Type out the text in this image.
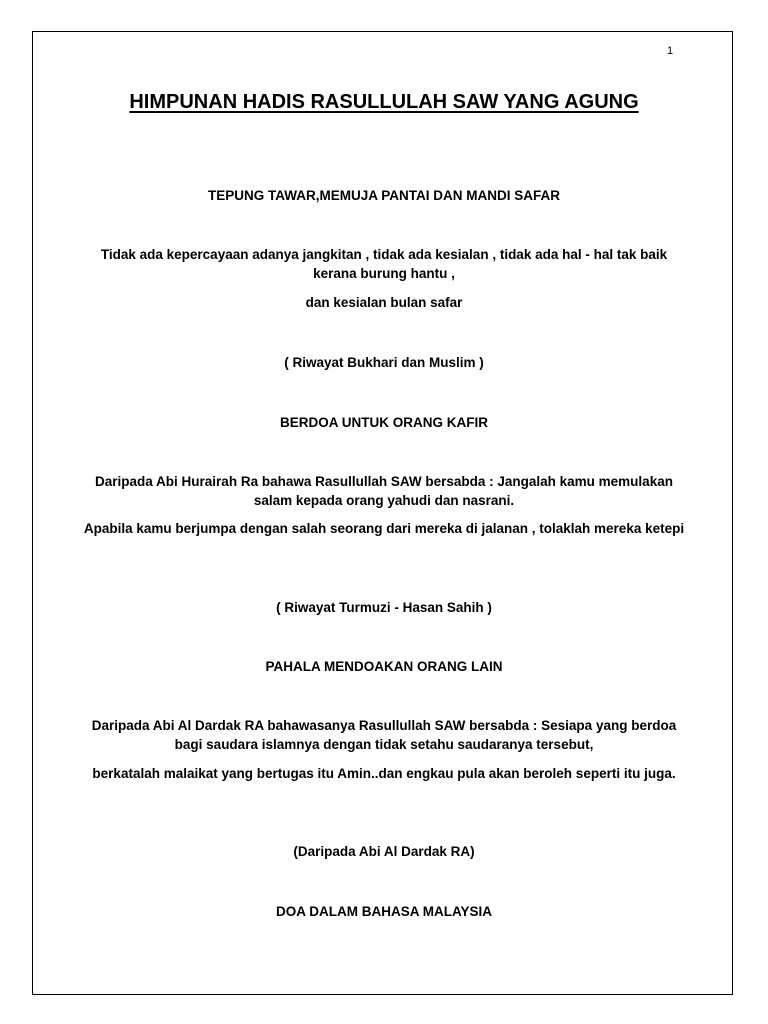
1
HIMPUNAN HADIS RASULLULAH SAW YANG AGUNG
TEPUNG TAWAR,MEMUJA PANTAI DAN MANDI SAFAR
Tidak ada kepercayaan adanya jangkitan , tidak ada kesialan , tidak ada hal - hal tak baik kerana burung hantu ,
dan kesialan bulan safar
( Riwayat Bukhari dan Muslim )
BERDOA UNTUK ORANG KAFIR
Daripada Abi Hurairah Ra bahawa Rasullullah SAW bersabda : Jangalah kamu memulakan salam kepada orang yahudi dan nasrani.
Apabila kamu berjumpa dengan salah seorang dari mereka di jalanan , tolaklah mereka ketepi
( Riwayat Turmuzi - Hasan Sahih )
PAHALA MENDOAKAN ORANG LAIN
Daripada Abi Al Dardak RA bahawasanya Rasullullah SAW bersabda : Sesiapa yang berdoa bagi saudara islamnya dengan tidak setahu saudaranya tersebut,
berkatalah malaikat yang bertugas itu Amin..dan engkau pula akan beroleh seperti itu juga.
(Daripada Abi Al Dardak RA)
DOA DALAM BAHASA MALAYSIA
